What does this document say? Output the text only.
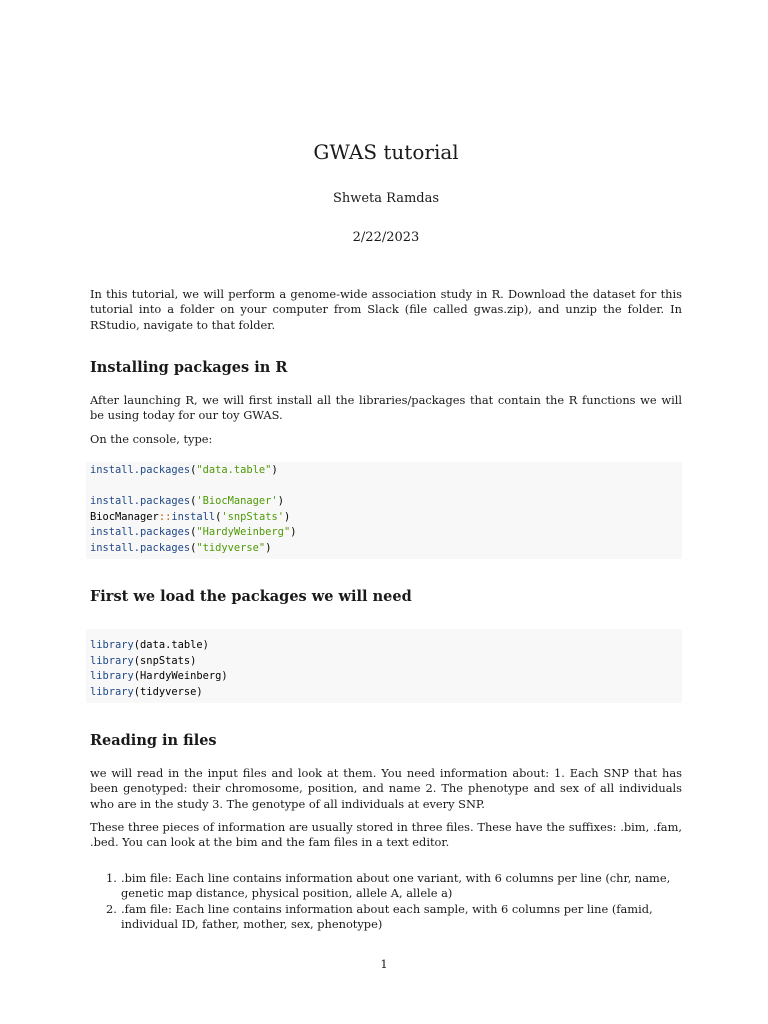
GWAS tutorial
Shweta Ramdas
2/22/2023

In this tutorial, we will perform a genome-wide association study in R. Download the dataset for this tutorial into a folder on your computer from Slack (file called gwas.zip), and unzip the folder. In RStudio, navigate to that folder.

Installing packages in R

After launching R, we will first install all the libraries/packages that contain the R functions we will be using today for our toy GWAS.

On the console, type:

install.packages("data.table")
install.packages('BiocManager')
BiocManager::install('snpStats')
install.packages("HardyWeinberg")
install.packages("tidyverse")
First we load the packages we will need
library(data.table)
library(snpStats)
library(HardyWeinberg)
library(tidyverse)
Reading in files

we will read in the input files and look at them. You need information about: 1. Each SNP that has been genotyped: their chromosome, position, and name 2. The phenotype and sex of all individuals who are in the study 3. The genotype of all individuals at every SNP.

These three pieces of information are usually stored in three files. These have the suffixes: .bim, .fam, .bed. You can look at the bim and the fam files in a text editor.

1. .bim file: Each line contains information about one variant, with 6 columns per line (chr, name, genetic map distance, physical position, allele A, allele a)
2. .fam file: Each line contains information about each sample, with 6 columns per line (famid, individual ID, father, mother, sex, phenotype)
1
